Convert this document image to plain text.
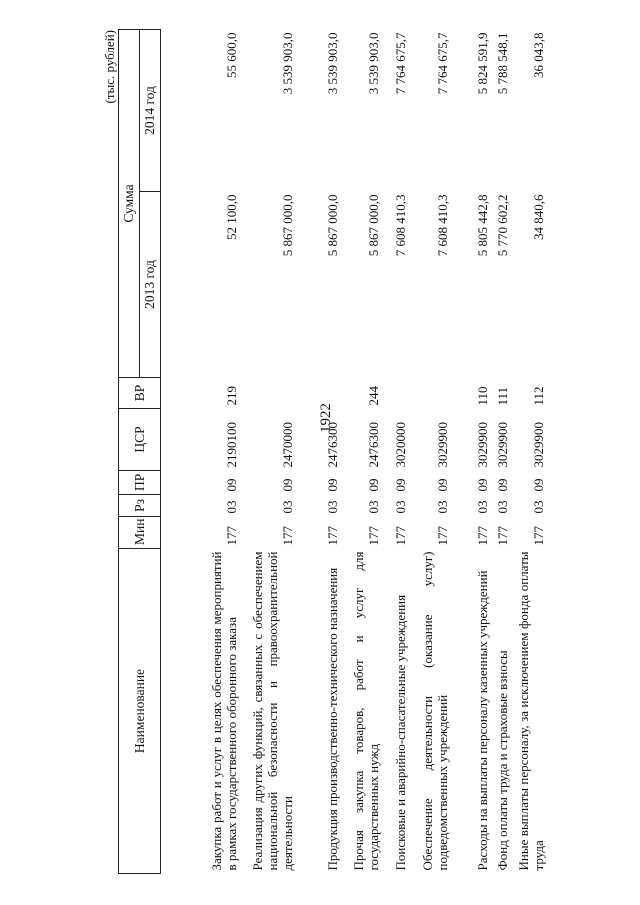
1922
(тыс. рублей)
Наименование	Мин	Рз	ПР	ЦСР	ВР	Сумма	
						2013 год	2014 год
Закупка работ и услуг в целях обеспечения мероприятий в рамках государственного оборонного заказа	177	03	09	2190100	219	52 100,0	55 600,0
Реализация других функций, связанных с обеспечением национальной безопасности и правоохранительной деятельности	177	03	09	2470000		5 867 000,0	3 539 903,0
Продукция производственно-технического назначения	177	03	09	2476300		5 867 000,0	3 539 903,0
Прочая закупка товаров, работ и услуг для государственных нужд	177	03	09	2476300	244	5 867 000,0	3 539 903,0
Поисковые и аварийно-спасательные учреждения	177	03	09	3020000		7 608 410,3	7 764 675,7
Обеспечение деятельности (оказание услуг) подведомственных учреждений	177	03	09	3029900		7 608 410,3	7 764 675,7
Расходы на выплаты персоналу казенных учреждений	177	03	09	3029900	110	5 805 442,8	5 824 591,9
Фонд оплаты труда и страховые взносы	177	03	09	3029900	111	5 770 602,2	5 788 548,1
Иные выплаты персоналу, за исключением фонда оплаты труда	177	03	09	3029900	112	34 840,6	36 043,8
